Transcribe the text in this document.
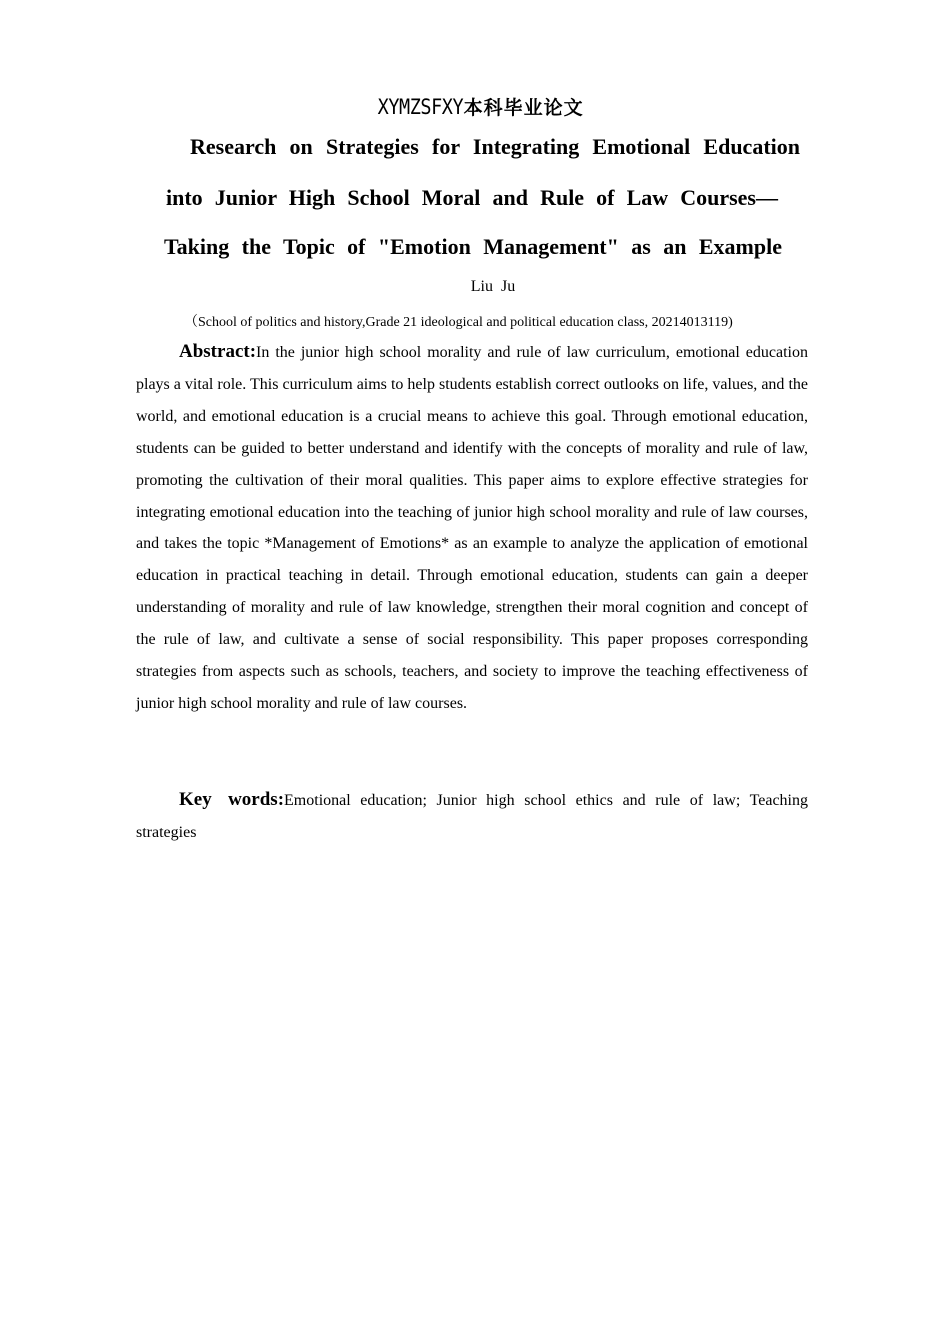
XYMZSFXY本科毕业论文
Research on Strategies for Integrating Emotional Education
into Junior High School Moral and Rule of Law Courses—
Taking the Topic of "Emotion Management" as an Example
Liu Ju
（School of politics and history,Grade 21 ideological and political education class, 20214013119)

Abstract:In the junior high school morality and rule of law curriculum, emotional education plays a vital role. This curriculum aims to help students establish correct outlooks on life, values, and the world, and emotional education is a crucial means to achieve this goal. Through emotional education, students can be guided to better understand and identify with the concepts of morality and rule of law, promoting the cultivation of their moral qualities. This paper aims to explore effective strategies for integrating emotional education into the teaching of junior high school morality and rule of law courses, and takes the topic *Management of Emotions* as an example to analyze the application of emotional education in practical teaching in detail. Through emotional education, students can gain a deeper understanding of morality and rule of law knowledge, strengthen their moral cognition and concept of the rule of law, and cultivate a sense of social responsibility. This paper proposes corresponding strategies from aspects such as schools, teachers, and society to improve the teaching effectiveness of junior high school morality and rule of law courses.

Key words:Emotional education; Junior high school ethics and rule of law; Teaching strategies
